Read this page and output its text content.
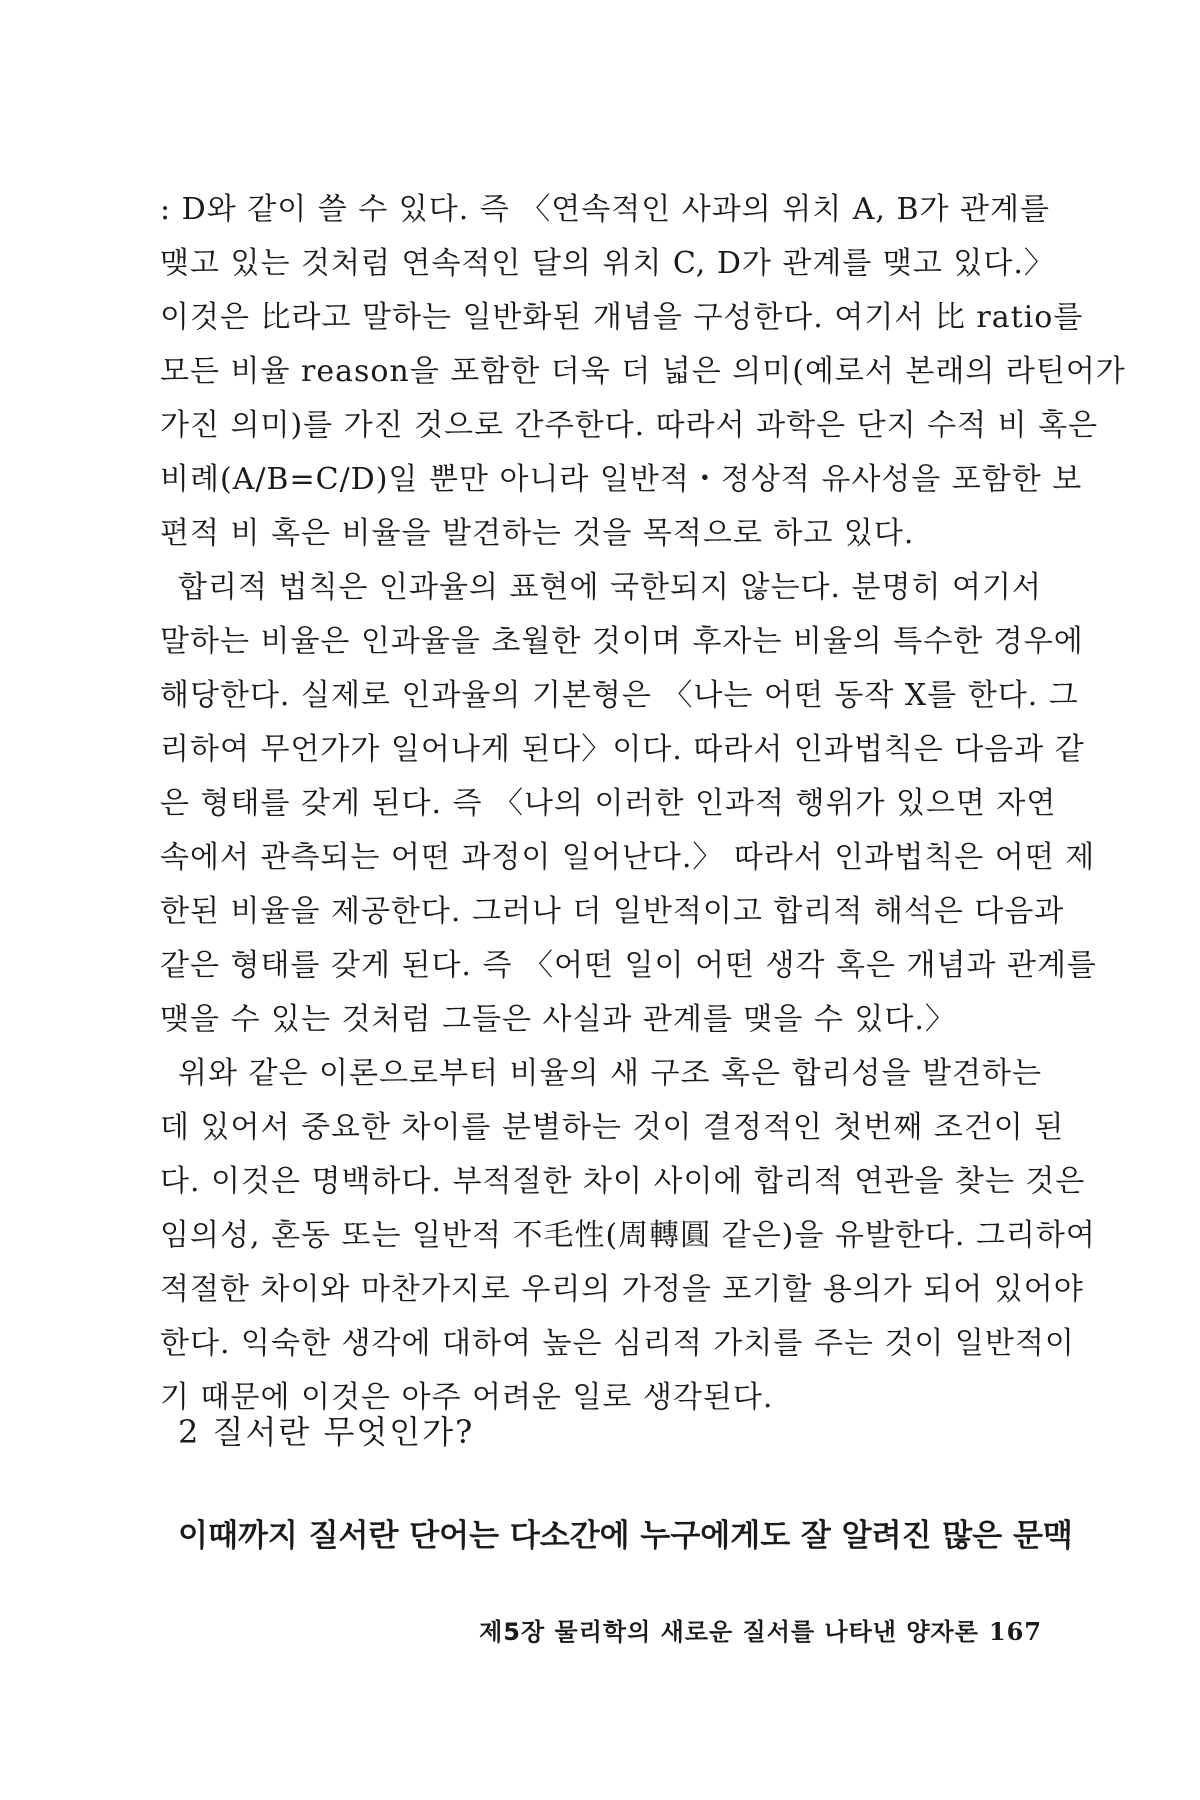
: D와 같이 쓸 수 있다. 즉 〈연속적인 사과의 위치 A, B가 관계를
맺고 있는 것처럼 연속적인 달의 위치 C, D가 관계를 맺고 있다.〉
이것은 比라고 말하는 일반화된 개념을 구성한다. 여기서 比 ratio를
모든 비율 reason을 포함한 더욱 더 넓은 의미(예로서 본래의 라틴어가
가진 의미)를 가진 것으로 간주한다. 따라서 과학은 단지 수적 비 혹은
비례(A/B=C/D)일 뿐만 아니라 일반적・정상적 유사성을 포함한 보
편적 비 혹은 비율을 발견하는 것을 목적으로 하고 있다.
합리적 법칙은 인과율의 표현에 국한되지 않는다. 분명히 여기서
말하는 비율은 인과율을 초월한 것이며 후자는 비율의 특수한 경우에
해당한다. 실제로 인과율의 기본형은 〈나는 어떤 동작 X를 한다. 그
리하여 무언가가 일어나게 된다〉이다. 따라서 인과법칙은 다음과 같
은 형태를 갖게 된다. 즉 〈나의 이러한 인과적 행위가 있으면 자연
속에서 관측되는 어떤 과정이 일어난다.〉 따라서 인과법칙은 어떤 제
한된 비율을 제공한다. 그러나 더 일반적이고 합리적 해석은 다음과
같은 형태를 갖게 된다. 즉 〈어떤 일이 어떤 생각 혹은 개념과 관계를
맺을 수 있는 것처럼 그들은 사실과 관계를 맺을 수 있다.〉
위와 같은 이론으로부터 비율의 새 구조 혹은 합리성을 발견하는
데 있어서 중요한 차이를 분별하는 것이 결정적인 첫번째 조건이 된
다. 이것은 명백하다. 부적절한 차이 사이에 합리적 연관을 찾는 것은
임의성, 혼동 또는 일반적 不毛性(周轉圓 같은)을 유발한다. 그리하여
적절한 차이와 마찬가지로 우리의 가정을 포기할 용의가 되어 있어야
한다. 익숙한 생각에 대하여 높은 심리적 가치를 주는 것이 일반적이
기 때문에 이것은 아주 어려운 일로 생각된다.
2 질서란 무엇인가?
이때까지 질서란 단어는 다소간에 누구에게도 잘 알려진 많은 문맥
제5장 물리학의 새로운 질서를 나타낸 양자론 167
